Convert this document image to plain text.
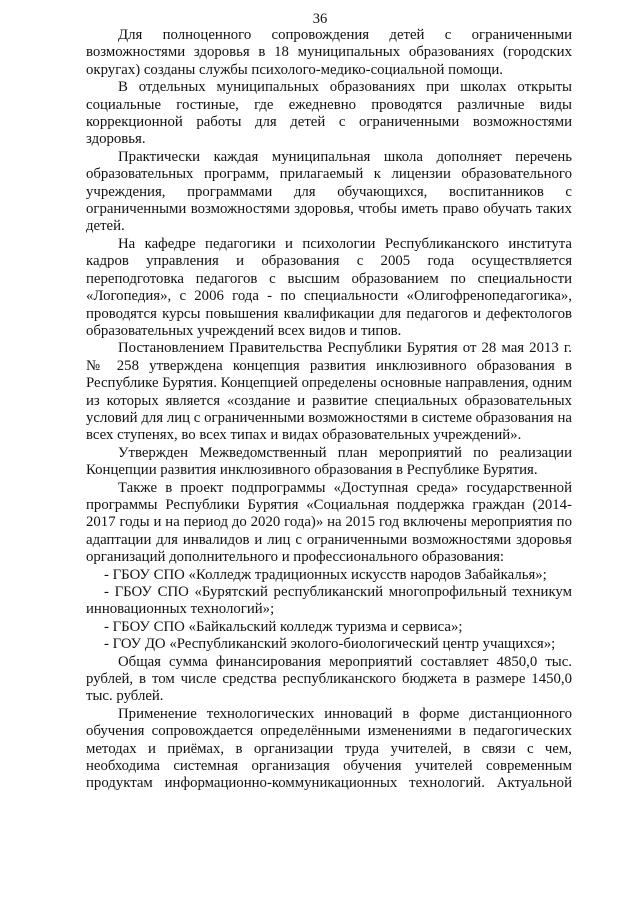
36

Для полноценного сопровождения детей с ограниченными возможностями здоровья в 18 муниципальных образованиях (городских округах) созданы службы психолого-медико-социальной помощи.

В отдельных муниципальных образованиях при школах открыты социальные гостиные, где ежедневно проводятся различные виды коррекционной работы для детей с ограниченными возможностями здоровья.

Практически каждая муниципальная школа дополняет перечень образовательных программ, прилагаемый к лицензии образовательного учреждения, программами для обучающихся, воспитанников с ограниченными возможностями здоровья, чтобы иметь право обучать таких детей.

На кафедре педагогики и психологии Республиканского института кадров управления и образования с 2005 года осуществляется переподготовка педагогов с высшим образованием по специальности «Логопедия», с 2006 года - по специальности «Олигофренопедагогика», проводятся курсы повышения квалификации для педагогов и дефектологов образовательных учреждений всех видов и типов.

Постановлением Правительства Республики Бурятия от 28 мая 2013 г. № 258 утверждена концепция развития инклюзивного образования в Республике Бурятия. Концепцией определены основные направления, одним из которых является «создание и развитие специальных образовательных условий для лиц с ограниченными возможностями в системе образования на всех ступенях, во всех типах и видах образовательных учреждений».

Утвержден Межведомственный план мероприятий по реализации Концепции развития инклюзивного образования в Республике Бурятия.

Также в проект подпрограммы «Доступная среда» государственной программы Республики Бурятия «Социальная поддержка граждан (2014-2017 годы и на период до 2020 года)» на 2015 год включены мероприятия по адаптации для инвалидов и лиц с ограниченными возможностями здоровья организаций дополнительного и профессионального образования:

- ГБОУ СПО «Колледж традиционных искусств народов Забайкалья»;

- ГБОУ СПО «Бурятский республиканский многопрофильный техникум инновационных технологий»;

- ГБОУ СПО «Байкальский колледж туризма и сервиса»;

- ГОУ ДО «Республиканский эколого-биологический центр учащихся»;

Общая сумма финансирования мероприятий составляет 4850,0 тыс. рублей, в том числе средства республиканского бюджета в размере 1450,0 тыс. рублей.

Применение технологических инноваций в форме дистанционного обучения сопровождается определёнными изменениями в педагогических методах и приёмах, в организации труда учителей, в связи с чем, необходима системная организация обучения учителей современным продуктам информационно-коммуникационных технологий. Актуальной
